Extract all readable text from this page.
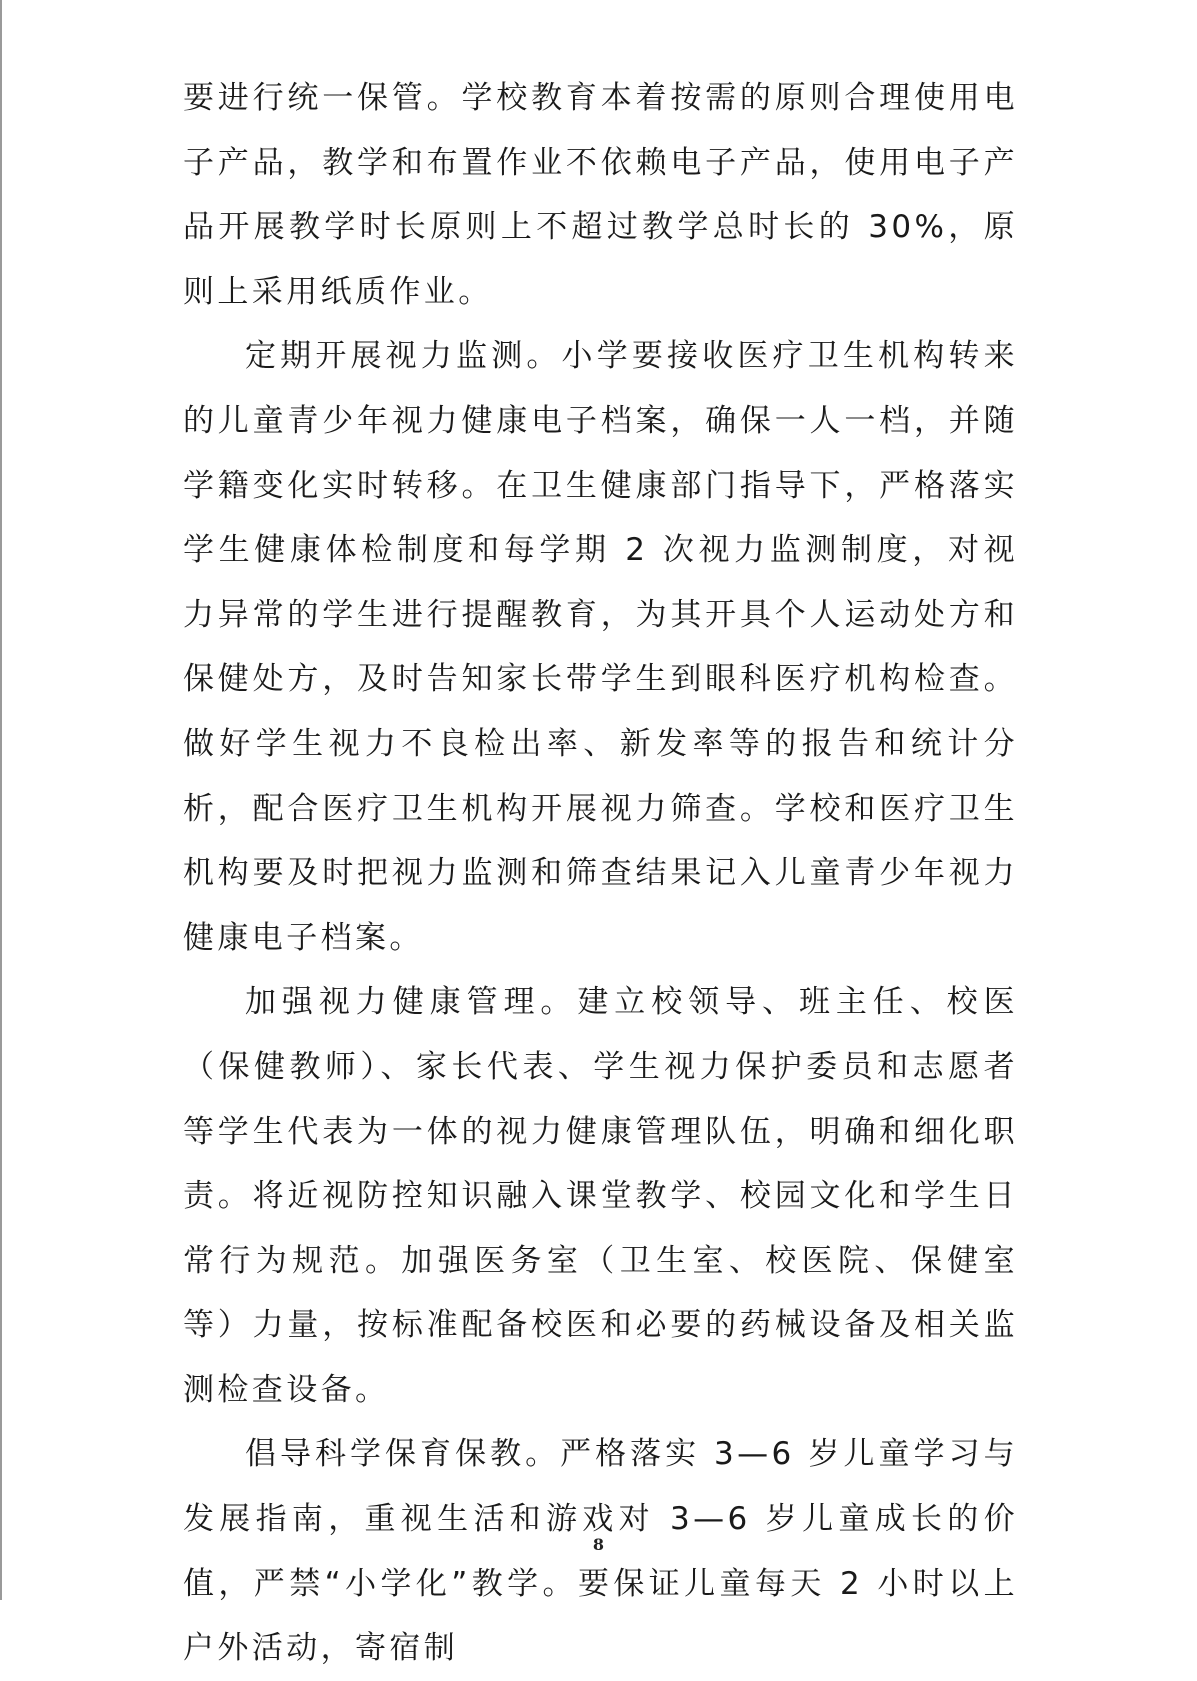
要进行统一保管。学校教育本着按需的原则合理使用电子产品，教学和布置作业不依赖电子产品，使用电子产品开展教学时长原则上不超过教学总时长的 30%，原则上采用纸质作业。

定期开展视力监测。小学要接收医疗卫生机构转来的儿童青少年视力健康电子档案，确保一人一档，并随学籍变化实时转移。在卫生健康部门指导下，严格落实学生健康体检制度和每学期 2 次视力监测制度，对视力异常的学生进行提醒教育，为其开具个人运动处方和保健处方，及时告知家长带学生到眼科医疗机构检查。做好学生视力不良检出率、新发率等的报告和统计分析，配合医疗卫生机构开展视力筛查。学校和医疗卫生机构要及时把视力监测和筛查结果记入儿童青少年视力健康电子档案。

加强视力健康管理。建立校领导、班主任、校医（保健教师）、家长代表、学生视力保护委员和志愿者等学生代表为一体的视力健康管理队伍，明确和细化职责。将近视防控知识融入课堂教学、校园文化和学生日常行为规范。加强医务室（卫生室、校医院、保健室等）力量，按标准配备校医和必要的药械设备及相关监测检查设备。

倡导科学保育保教。严格落实 3—6 岁儿童学习与发展指南，重视生活和游戏对 3—6 岁儿童成长的价值，严禁“小学化”教学。要保证儿童每天 2 小时以上户外活动，寄宿制

8
